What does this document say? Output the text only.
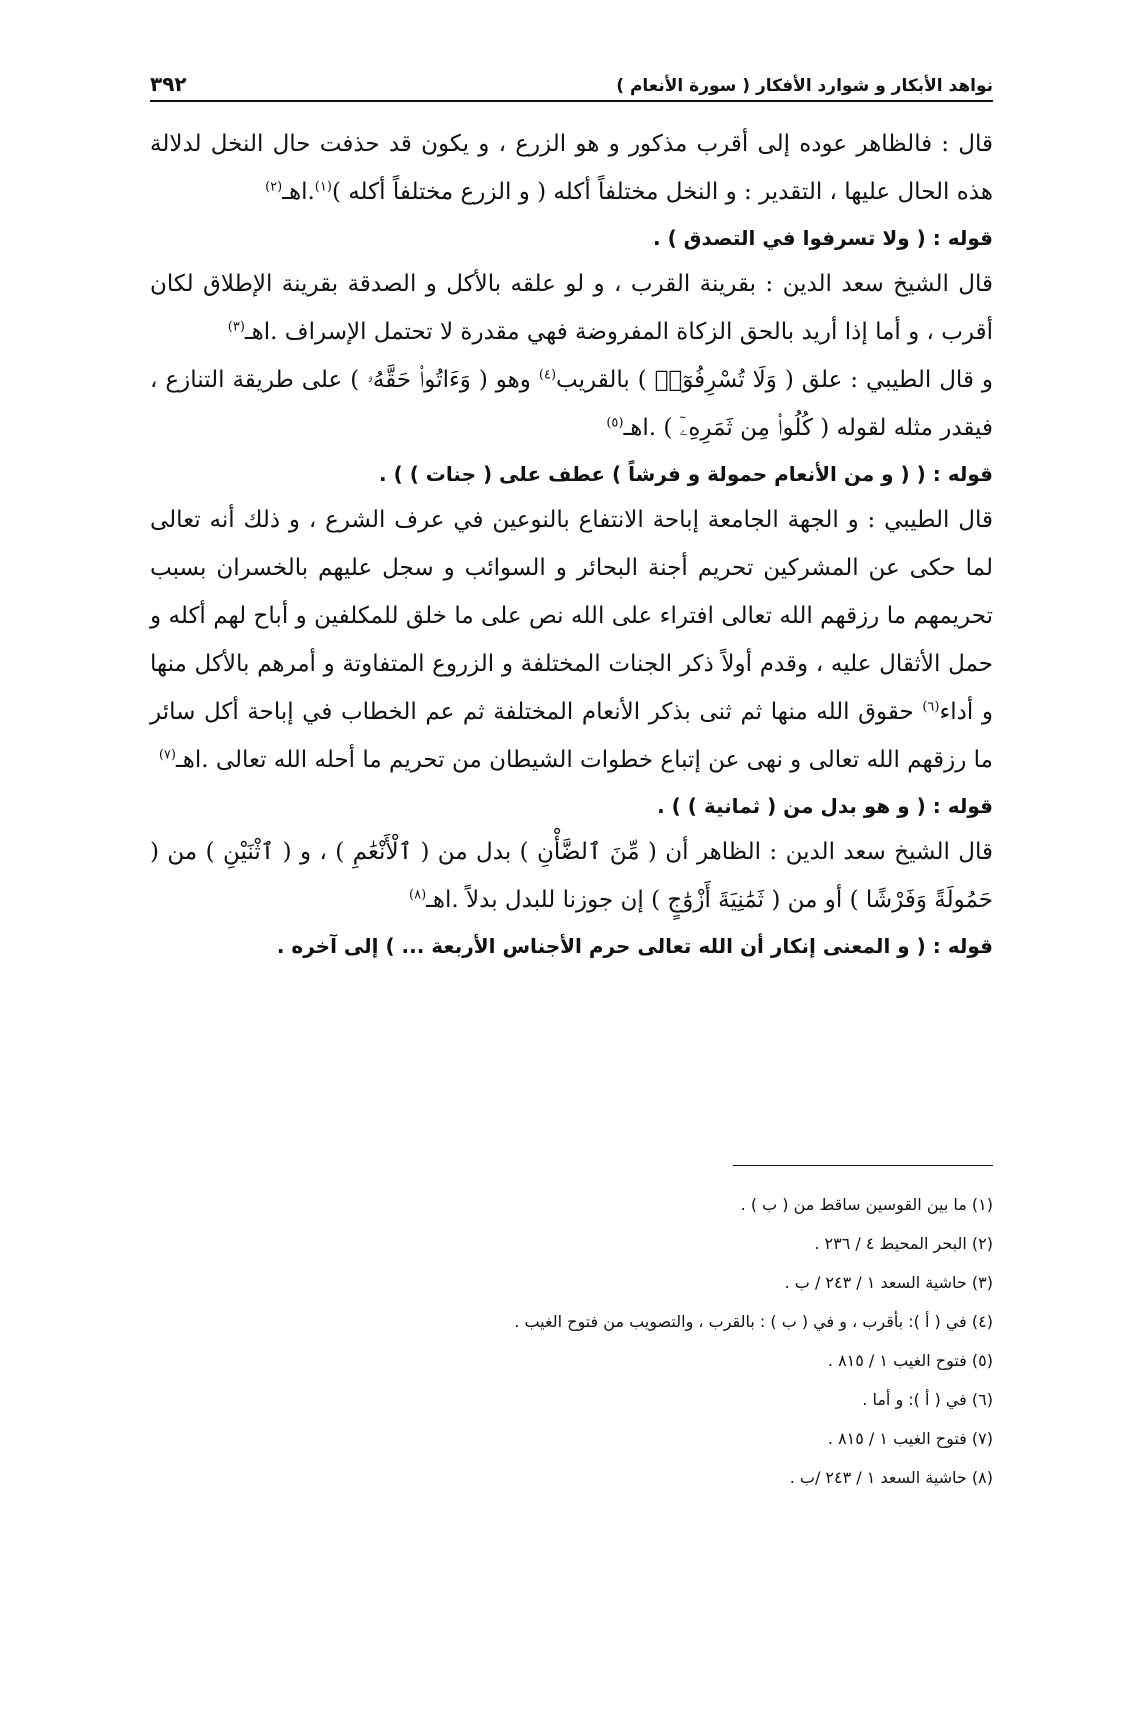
نواهد الأبكار و شوارد الأفكار ( سورة الأنعام )
٣٩٢

قال : فالظاهر عوده إلى أقرب مذكور و هو الزرع ، و يكون قد حذفت حال النخل لدلالة هذه الحال عليها ، التقدير : و النخل مختلفاً أكله ( و الزرع مختلفاً أكله )$^{(١)}$.اهـ$^{(٢)}$

قوله : ( ولا تسرفوا في التصدق ) .

قال الشيخ سعد الدين : بقرينة القرب ، و لو علقه بالأكل و الصدقة بقرينة الإطلاق لكان أقرب ، و أما إذا أريد بالحق الزكاة المفروضة فهي مقدرة لا تحتمل الإسراف .اهـ$^{(٣)}$

و قال الطيبي : علق ( وَلَا تُسْرِفُوٓا۟ ) بالقريب$^{(٤)}$ وهو ( وَءَاتُوا۟ حَقَّهُۥ ) على طريقة التنازع ، فيقدر مثله لقوله ( كُلُوا۟ مِن ثَمَرِهِۦٓ ) .اهـ$^{(٥)}$

قوله : ( ( و من الأنعام حمولة و فرشاً ) عطف على ( جنات ) ) .

قال الطيبي : و الجهة الجامعة إباحة الانتفاع بالنوعين في عرف الشرع ، و ذلك أنه تعالى لما حكى عن المشركين تحريم أجنة البحائر و السوائب و سجل عليهم بالخسران بسبب تحريمهم ما رزقهم الله تعالى افتراء على الله نص على ما خلق للمكلفين و أباح لهم أكله و حمل الأثقال عليه ، وقدم أولاً ذكر الجنات المختلفة و الزروع المتفاوتة و أمرهم بالأكل منها و أداء$^{(٦)}$ حقوق الله منها ثم ثنى بذكر الأنعام المختلفة ثم عم الخطاب في إباحة أكل سائر ما رزقهم الله تعالى و نهى عن إتباع خطوات الشيطان من تحريم ما أحله الله تعالى .اهـ$^{(٧)}$

قوله : ( و هو بدل من ( ثمانية ) ) .

قال الشيخ سعد الدين : الظاهر أن ( مِّنَ ٱلضَّأْنِ ) بدل من ( ٱلْأَنْعَٰمِ ) ، و ( ٱثْنَيْنِ ) من ( حَمُولَةً وَفَرْشًا ) أو من ( ثَمَٰنِيَةَ أَزْوَٰجٍ ) إن جوزنا للبدل بدلاً .اهـ$^{(٨)}$

قوله : ( و المعنى إنكار أن الله تعالى حرم الأجناس الأربعة ... ) إلى آخره .

(١) ما بين القوسين ساقط من ( ب ) .
(٢) البحر المحيط ٤ / ٢٣٦ .
(٣) حاشية السعد ١ / ٢٤٣ / ب .
(٤) في ( أ ): بأقرب ، و في ( ب ) : بالقرب ، والتصويب من فتوح الغيب .
(٥) فتوح الغيب ١ / ٨١٥ .
(٦) في ( أ ): و أما .
(٧) فتوح الغيب ١ / ٨١٥ .
(٨) حاشية السعد ١ / ٢٤٣ /ب .
